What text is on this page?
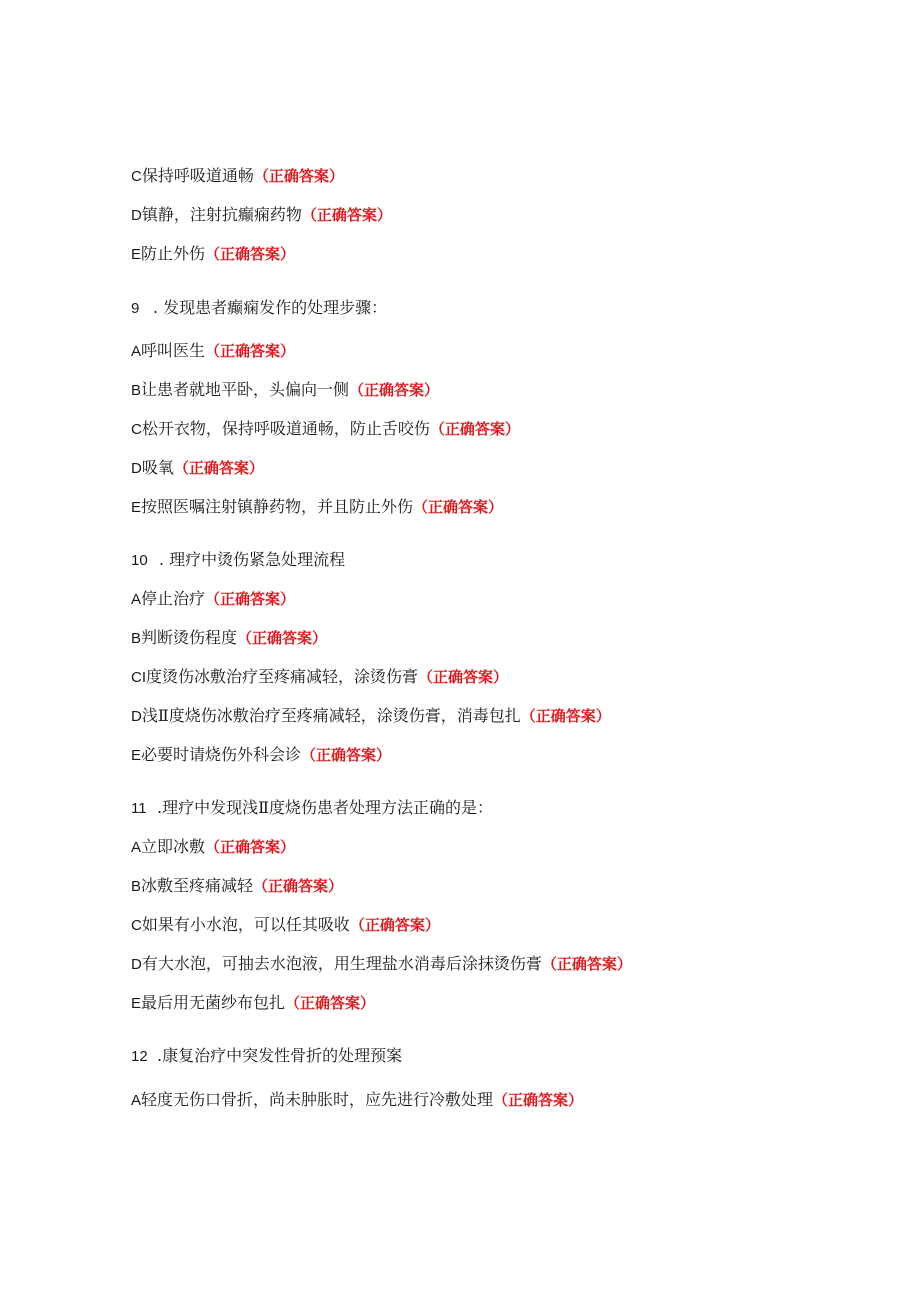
C保持呼吸道通畅（正确答案）
D镇静，注射抗癫痫药物（正确答案）
E防止外伤（正确答案）
9 . 发现患者癫痫发作的处理步骤：
A呼叫医生（正确答案）
B让患者就地平卧，头偏向一侧（正确答案）
C松开衣物，保持呼吸道通畅，防止舌咬伤（正确答案）
D吸氧（正确答案）
E按照医嘱注射镇静药物，并且防止外伤（正确答案）
10 . 理疗中烫伤紧急处理流程
A停止治疗（正确答案）
B判断烫伤程度（正确答案）
CI度烫伤冰敷治疗至疼痛减轻，涂烫伤膏（正确答案）
D浅Ⅱ度烧伤冰敷治疗至疼痛减轻，涂烫伤膏，消毒包扎（正确答案）
E必要时请烧伤外科会诊（正确答案）
11 .理疗中发现浅Ⅱ度烧伤患者处理方法正确的是：
A立即冰敷（正确答案）
B冰敷至疼痛减轻（正确答案）
C如果有小水泡，可以任其吸收（正确答案）
D有大水泡，可抽去水泡液，用生理盐水消毒后涂抹烫伤膏（正确答案）
E最后用无菌纱布包扎（正确答案）
12 .康复治疗中突发性骨折的处理预案
A轻度无伤口骨折，尚未肿胀时，应先进行冷敷处理（正确答案）
